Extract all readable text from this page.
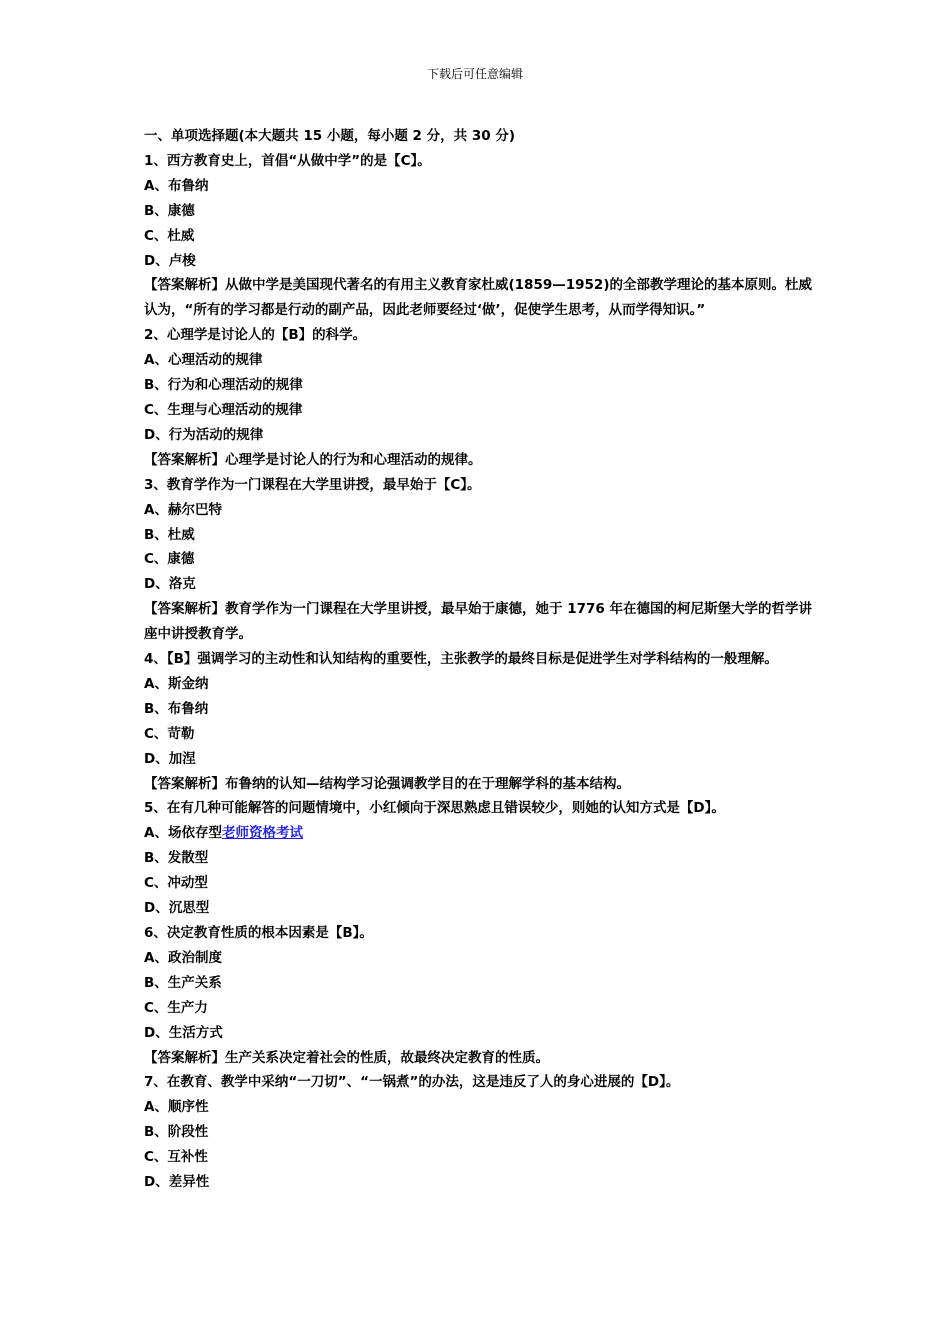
下载后可任意编辑
一、单项选择题(本大题共 15 小题，每小题 2 分，共 30 分)
1、西方教育史上，首倡“从做中学”的是【C】。
A、布鲁纳
B、康德
C、杜威
D、卢梭
【答案解析】从做中学是美国现代著名的有用主义教育家杜威(1859—1952)的全部教学理论的基本原则。杜威认为，“所有的学习都是行动的副产品，因此老师要经过‘做’，促使学生思考，从而学得知识。”
2、心理学是讨论人的【B】的科学。
A、心理活动的规律
B、行为和心理活动的规律
C、生理与心理活动的规律
D、行为活动的规律
【答案解析】心理学是讨论人的行为和心理活动的规律。
3、教育学作为一门课程在大学里讲授，最早始于【C】。
A、赫尔巴特
B、杜威
C、康德
D、洛克
【答案解析】教育学作为一门课程在大学里讲授，最早始于康德，她于 1776 年在德国的柯尼斯堡大学的哲学讲座中讲授教育学。
4、【B】强调学习的主动性和认知结构的重要性，主张教学的最终目标是促进学生对学科结构的一般理解。
A、斯金纳
B、布鲁纳
C、苛勒
D、加涅
【答案解析】布鲁纳的认知—结构学习论强调教学目的在于理解学科的基本结构。
5、在有几种可能解答的问题情境中，小红倾向于深思熟虑且错误较少，则她的认知方式是【D】。
A、场依存型老师资格考试
B、发散型
C、冲动型
D、沉思型
6、决定教育性质的根本因素是【B】。
A、政治制度
B、生产关系
C、生产力
D、生活方式
【答案解析】生产关系决定着社会的性质，故最终决定教育的性质。
7、在教育、教学中采纳“一刀切”、“一锅煮”的办法，这是违反了人的身心进展的【D】。
A、顺序性
B、阶段性
C、互补性
D、差异性
